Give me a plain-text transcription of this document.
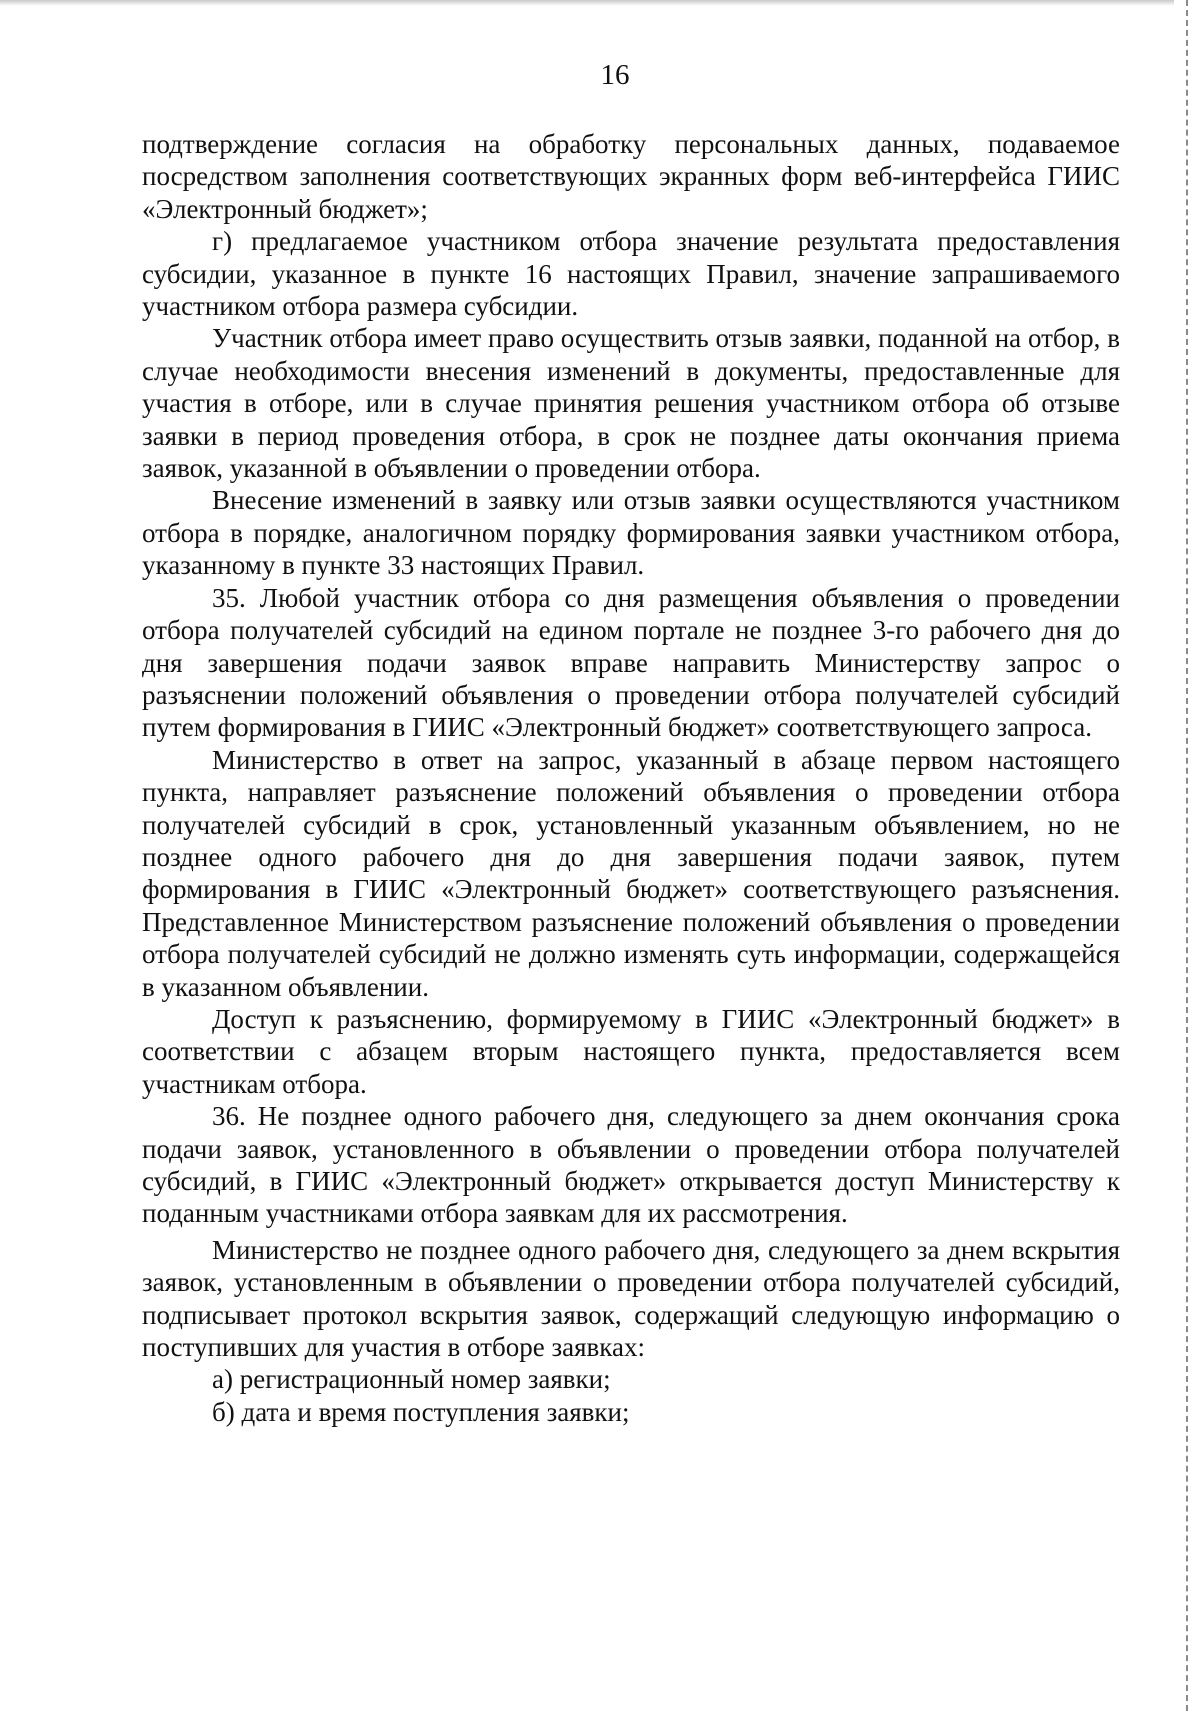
16

подтверждение согласия на обработку персональных данных, подаваемое посредством заполнения соответствующих экранных форм веб-интерфейса ГИИС «Электронный бюджет»;

г) предлагаемое участником отбора значение результата предоставления субсидии, указанное в пункте 16 настоящих Правил, значение запрашиваемого участником отбора размера субсидии.

Участник отбора имеет право осуществить отзыв заявки, поданной на отбор, в случае необходимости внесения изменений в документы, предоставленные для участия в отборе, или в случае принятия решения участником отбора об отзыве заявки в период проведения отбора, в срок не позднее даты окончания приема заявок, указанной в объявлении о проведении отбора.

Внесение изменений в заявку или отзыв заявки осуществляются участником отбора в порядке, аналогичном порядку формирования заявки участником отбора, указанному в пункте 33 настоящих Правил.

35. Любой участник отбора со дня размещения объявления о проведении отбора получателей субсидий на едином портале не позднее 3-го рабочего дня до дня завершения подачи заявок вправе направить Министерству запрос о разъяснении положений объявления о проведении отбора получателей субсидий путем формирования в ГИИС «Электронный бюджет» соответствующего запроса.

Министерство в ответ на запрос, указанный в абзаце первом настоящего пункта, направляет разъяснение положений объявления о проведении отбора получателей субсидий в срок, установленный указанным объявлением, но не позднее одного рабочего дня до дня завершения подачи заявок, путем формирования в ГИИС «Электронный бюджет» соответствующего разъяснения. Представленное Министерством разъяснение положений объявления о проведении отбора получателей субсидий не должно изменять суть информации, содержащейся в указанном объявлении.

Доступ к разъяснению, формируемому в ГИИС «Электронный бюджет» в соответствии с абзацем вторым настоящего пункта, предоставляется всем участникам отбора.

36. Не позднее одного рабочего дня, следующего за днем окончания срока подачи заявок, установленного в объявлении о проведении отбора получателей субсидий, в ГИИС «Электронный бюджет» открывается доступ Министерству к поданным участниками отбора заявкам для их рассмотрения.

Министерство не позднее одного рабочего дня, следующего за днем вскрытия заявок, установленным в объявлении о проведении отбора получателей субсидий, подписывает протокол вскрытия заявок, содержащий следующую информацию о поступивших для участия в отборе заявках:

а) регистрационный номер заявки;

б) дата и время поступления заявки;
